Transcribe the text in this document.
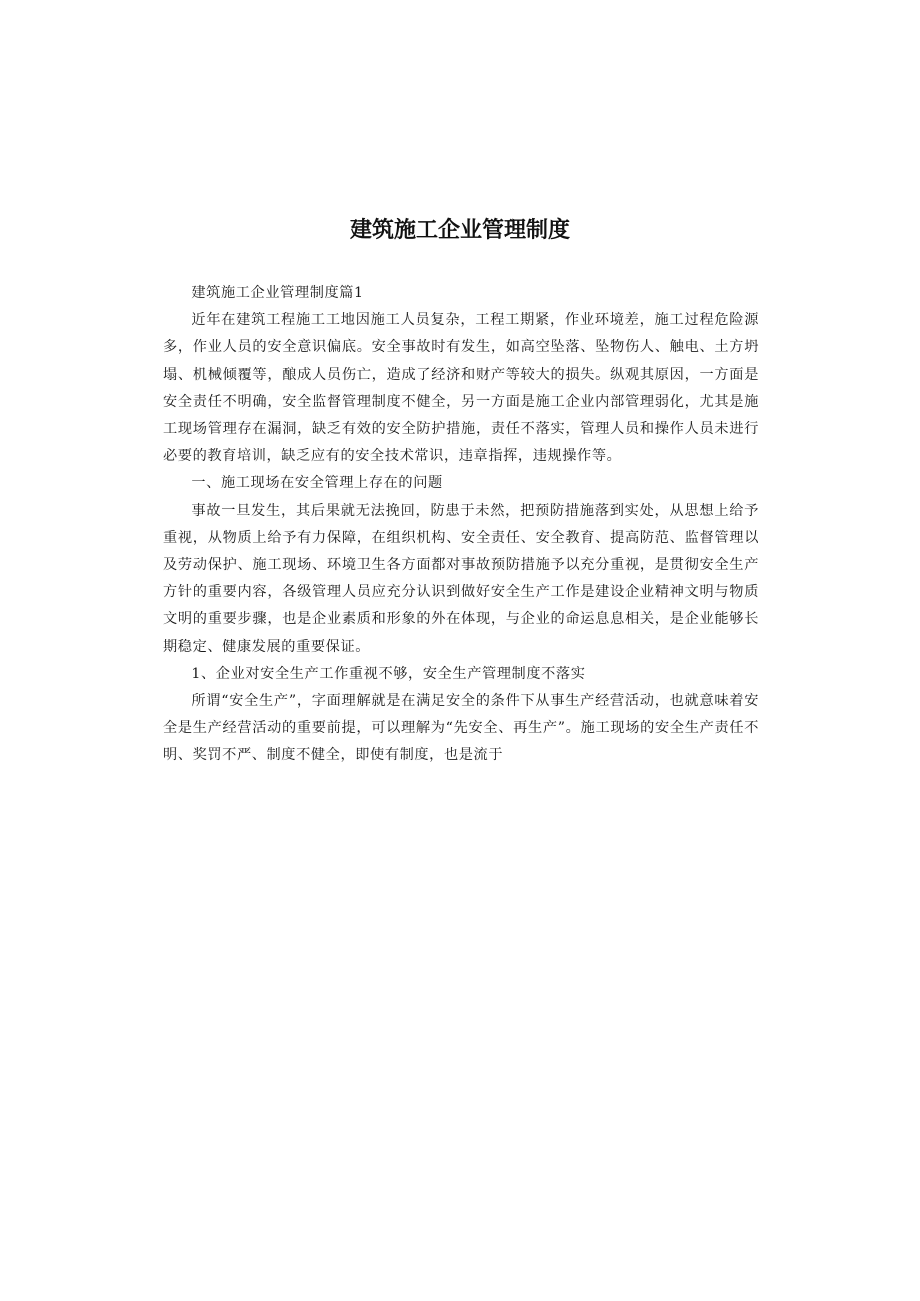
建筑施工企业管理制度

建筑施工企业管理制度篇1

近年在建筑工程施工工地因施工人员复杂，工程工期紧，作业环境差，施工过程危险源多，作业人员的安全意识偏底。安全事故时有发生，如高空坠落、坠物伤人、触电、土方坍塌、机械倾覆等，酿成人员伤亡，造成了经济和财产等较大的损失。纵观其原因，一方面是安全责任不明确，安全监督管理制度不健全，另一方面是施工企业内部管理弱化，尤其是施工现场管理存在漏洞，缺乏有效的安全防护措施，责任不落实，管理人员和操作人员未进行必要的教育培训，缺乏应有的安全技术常识，违章指挥，违规操作等。

一、施工现场在安全管理上存在的问题

事故一旦发生，其后果就无法挽回，防患于未然，把预防措施落到实处，从思想上给予重视，从物质上给予有力保障，在组织机构、安全责任、安全教育、提高防范、监督管理以及劳动保护、施工现场、环境卫生各方面都对事故预防措施予以充分重视，是贯彻安全生产方针的重要内容，各级管理人员应充分认识到做好安全生产工作是建设企业精神文明与物质文明的重要步骤，也是企业素质和形象的外在体现，与企业的命运息息相关，是企业能够长期稳定、健康发展的重要保证。

1、企业对安全生产工作重视不够，安全生产管理制度不落实

所谓“安全生产”，字面理解就是在满足安全的条件下从事生产经营活动，也就意味着安全是生产经营活动的重要前提，可以理解为“先安全、再生产”。施工现场的安全生产责任不明、奖罚不严、制度不健全，即使有制度，也是流于
